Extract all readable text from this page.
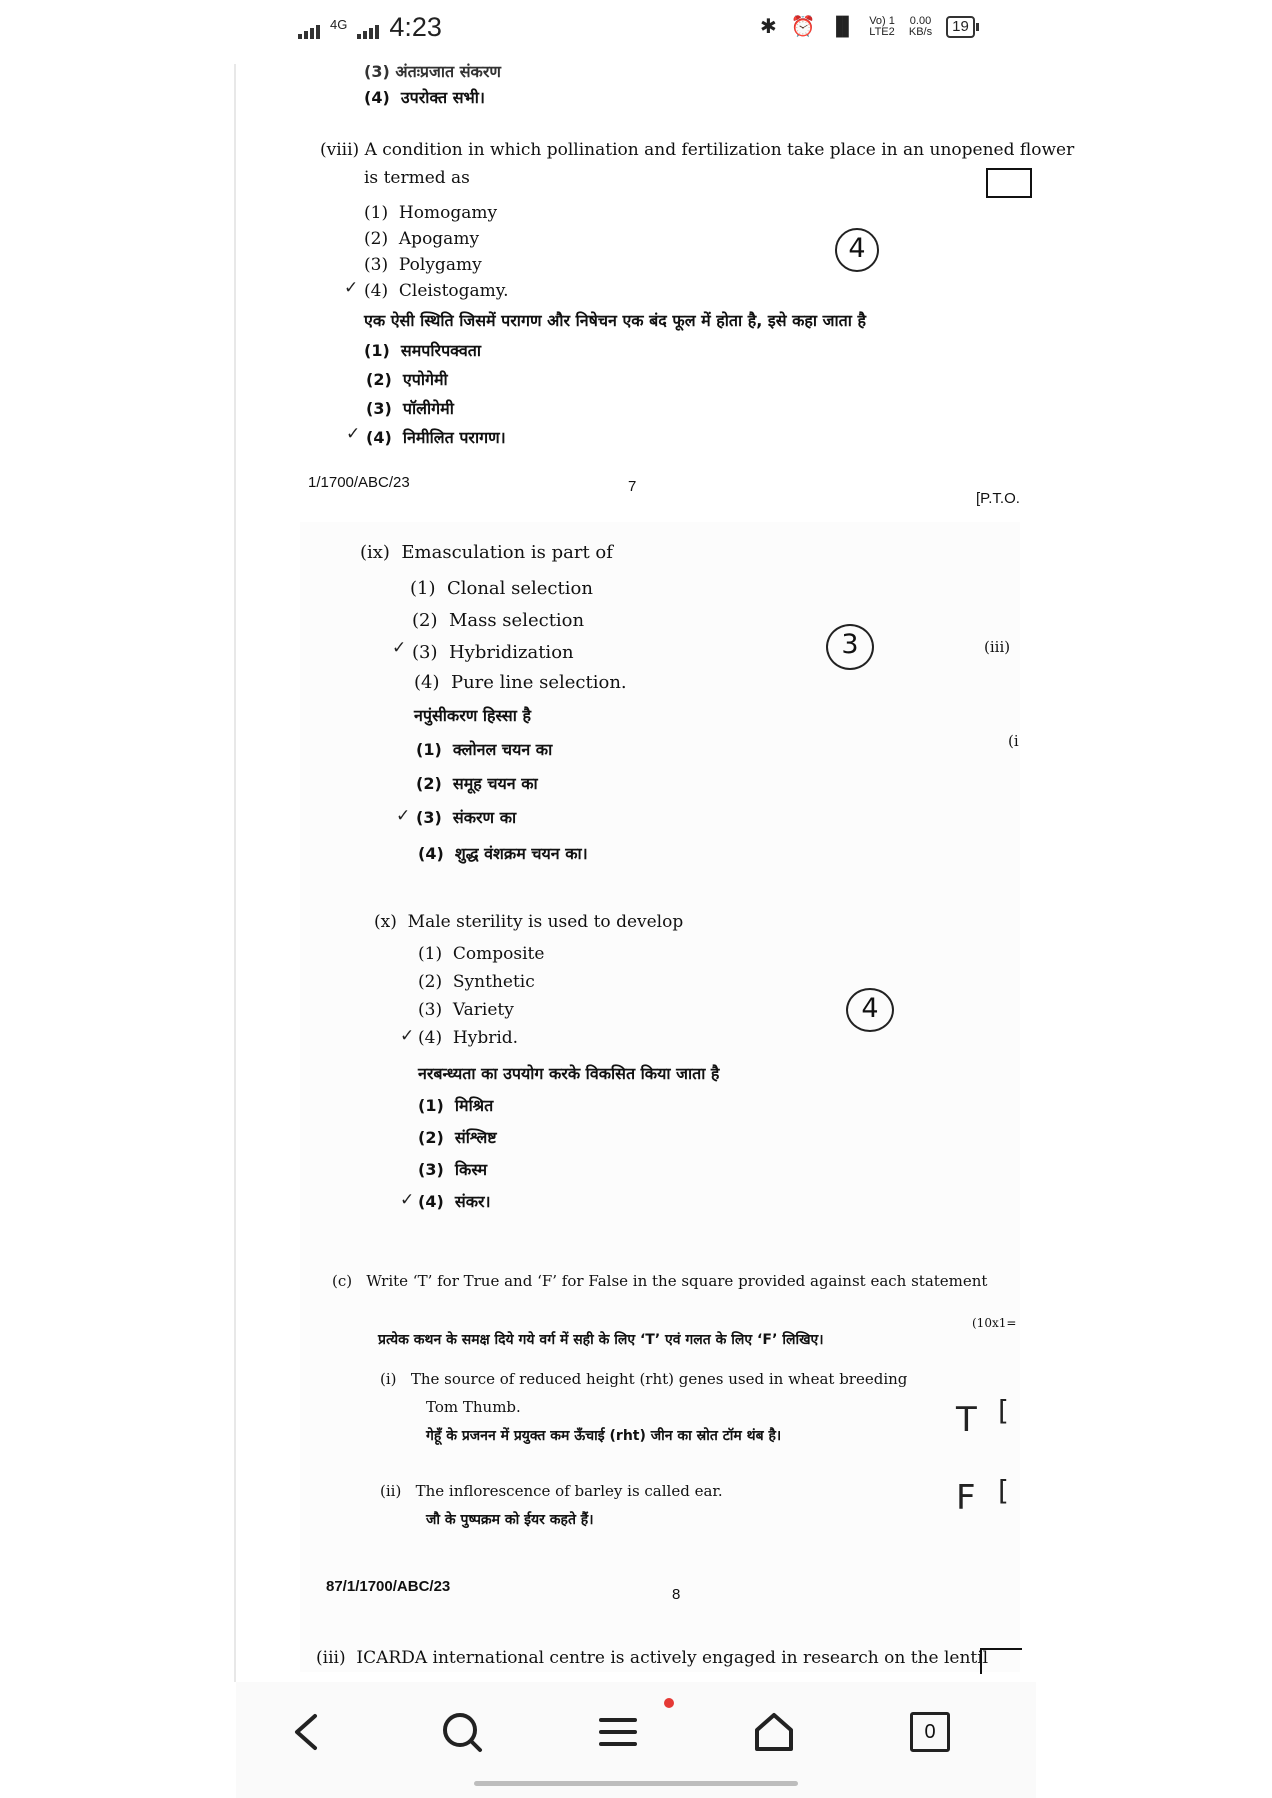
4G 4:23	✱ ⏰ ▐▌ Vo) 1
LTE2
0.00
KB/s	19
(3) अंतःप्रजात संकरण
(4) उपरोक्त सभी।
(viii) A condition in which pollination and fertilization take place in an unopened flower
is termed as
(1) Homogamy
(2) Apogamy
(3) Polygamy
✓ (4) Cleistogamy.
4
एक ऐसी स्थिति जिसमें परागण और निषेचन एक बंद फूल में होता है, इसे कहा जाता है
(1) समपरिपक्वता
(2) एपोगेमी
(3) पॉलीगेमी
✓ (4) निमीलित परागण।
1/1700/ABC/23	7
[P.T.O.
(ix) Emasculation is part of
(1) Clonal selection
(2) Mass selection
✓ (3) Hybridization
(4) Pure line selection.
3	(iii)
(i
नपुंसीकरण हिस्सा है
(1) क्लोनल चयन का
(2) समूह चयन का
✓ (3) संकरण का
(4) शुद्ध वंशक्रम चयन का।
(x) Male sterility is used to develop
(1) Composite
(2) Synthetic
(3) Variety
✓ (4) Hybrid.
4
नरबन्ध्यता का उपयोग करके विकसित किया जाता है
(1) मिश्रित
(2) संश्लिष्ट
(3) किस्म
✓ (4) संकर।
(c) Write ‘T’ for True and ‘F’ for False in the square provided against each statement
(10x1=
प्रत्येक कथन के समक्ष दिये गये वर्ग में सही के लिए ‘T’ एवं गलत के लिए ‘F’ लिखिए।
(i) The source of reduced height (rht) genes used in wheat breeding
Tom Thumb.
गेहूँ के प्रजनन में प्रयुक्त कम ऊँचाई (rht) जीन का स्रोत टॉम थंब है।	T [
(ii) The inflorescence of barley is called ear.
जौ के पुष्पक्रम को ईयर कहते हैं।
F [
87/1/1700/ABC/23	8
(iii) ICARDA international centre is actively engaged in research on the lentil
0
